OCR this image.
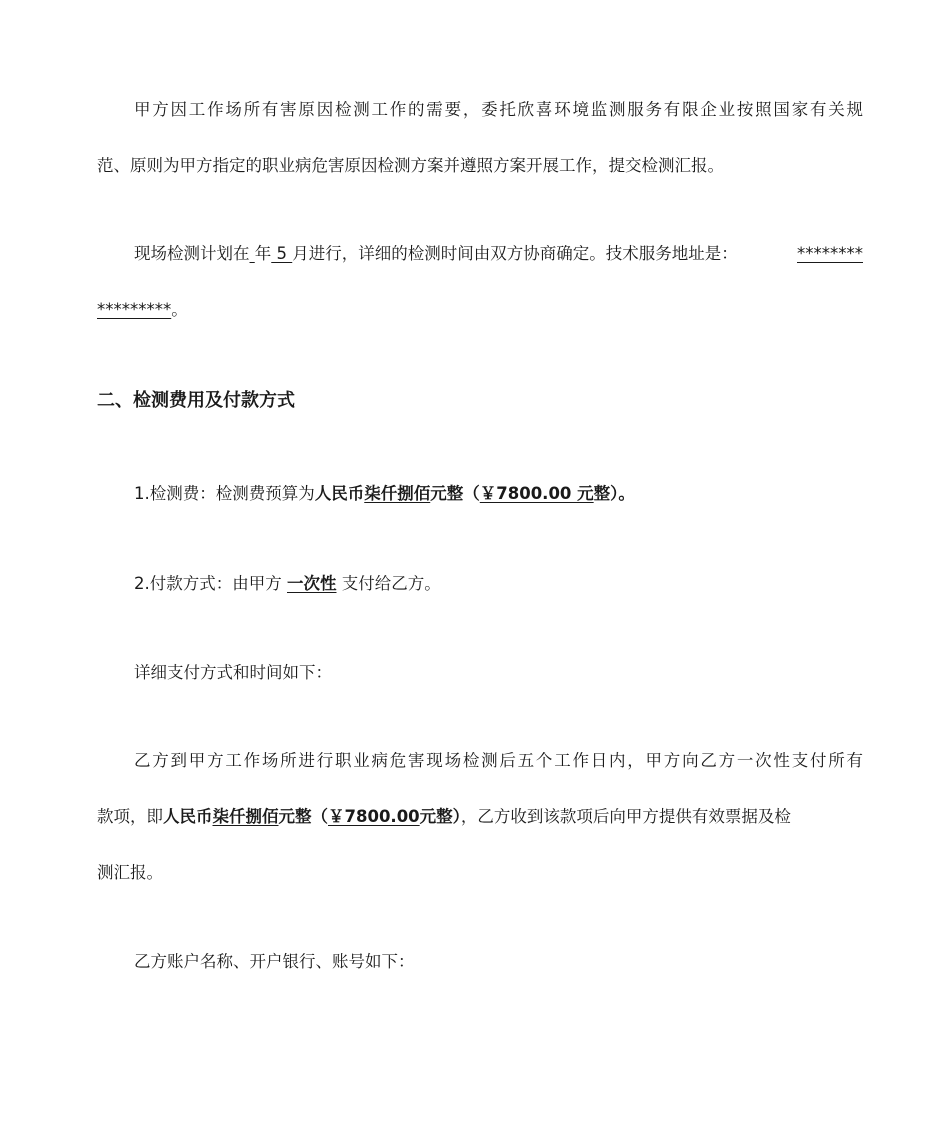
甲方因工作场所有害原因检测工作的需要，委托欣喜环境监测服务有限企业按照国家有关规
范、原则为甲方指定的职业病危害原因检测方案并遵照方案开展工作，提交检测汇报。
现场检测计划在 年 5 月进行，详细的检测时间由双方协商确定。技术服务地址是：	********
*********。
二、检测费用及付款方式
1.检测费：检测费预算为人民币柒仟捌佰元整（￥7800.00 元整）。
2.付款方式：由甲方 一次性 支付给乙方。
详细支付方式和时间如下：
乙方到甲方工作场所进行职业病危害现场检测后五个工作日内，甲方向乙方一次性支付所有
款项，即人民币柒仟捌佰元整（￥7800.00元整），乙方收到该款项后向甲方提供有效票据及检
测汇报。
乙方账户名称、开户银行、账号如下：
